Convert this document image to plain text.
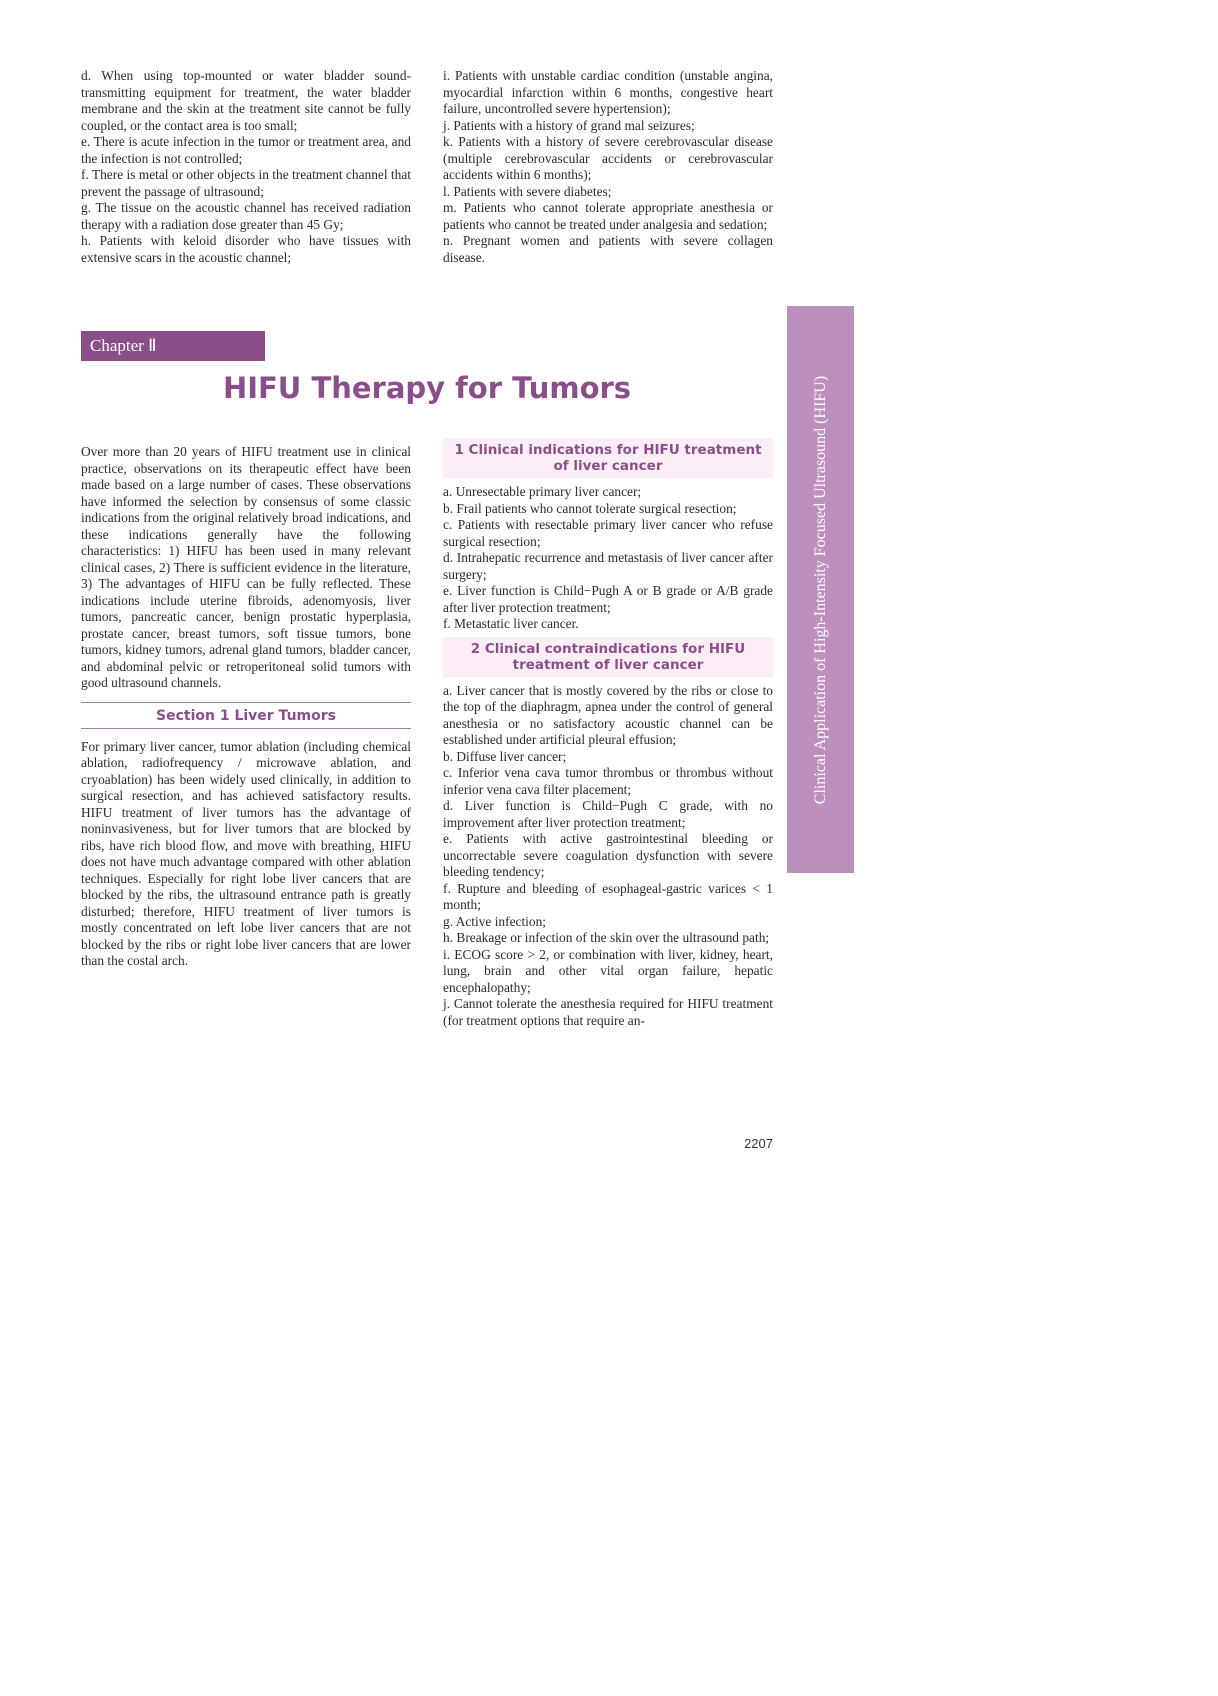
d. When using top-mounted or water bladder sound-transmitting equipment for treatment, the water bladder membrane and the skin at the treatment site cannot be fully coupled, or the contact area is too small;

e. There is acute infection in the tumor or treatment area, and the infection is not controlled;

f. There is metal or other objects in the treatment channel that prevent the passage of ultrasound;

g. The tissue on the acoustic channel has received radiation therapy with a radiation dose greater than 45 Gy;

h. Patients with keloid disorder who have tissues with extensive scars in the acoustic channel;

i. Patients with unstable cardiac condition (unstable angina, myocardial infarction within 6 months, congestive heart failure, uncontrolled severe hypertension);

j. Patients with a history of grand mal seizures;

k. Patients with a history of severe cerebrovascular disease (multiple cerebrovascular accidents or cerebrovascular accidents within 6 months);

l. Patients with severe diabetes;

m. Patients who cannot tolerate appropriate anesthesia or patients who cannot be treated under analgesia and sedation;

n. Pregnant women and patients with severe collagen disease.

Chapter Ⅱ
HIFU Therapy for Tumors	Clinical Application of High-Intensity Focused Ultrasound (HIFU)

Over more than 20 years of HIFU treatment use in clinical practice, observations on its therapeutic effect have been made based on a large number of cases. These observations have informed the selection by consensus of some classic indications from the original relatively broad indications, and these indications generally have the following characteristics: 1) HIFU has been used in many relevant clinical cases, 2) There is sufficient evidence in the literature, 3) The advantages of HIFU can be fully reflected. These indications include uterine fibroids, adenomyosis, liver tumors, pancreatic cancer, benign prostatic hyperplasia, prostate cancer, breast tumors, soft tissue tumors, bone tumors, kidney tumors, adrenal gland tumors, bladder cancer, and abdominal pelvic or retroperitoneal solid tumors with good ultrasound channels.

Section 1 Liver Tumors

For primary liver cancer, tumor ablation (including chemical ablation, radiofrequency / microwave ablation, and cryoablation) has been widely used clinically, in addition to surgical resection, and has achieved satisfactory results. HIFU treatment of liver tumors has the advantage of noninvasiveness, but for liver tumors that are blocked by ribs, have rich blood flow, and move with breathing, HIFU does not have much advantage compared with other ablation techniques. Especially for right lobe liver cancers that are blocked by the ribs, the ultrasound entrance path is greatly disturbed; therefore, HIFU treatment of liver tumors is mostly concentrated on left lobe liver cancers that are not blocked by the ribs or right lobe liver cancers that are lower than the costal arch.

1 Clinical indications for HIFU treatment of liver cancer

a. Unresectable primary liver cancer;

b. Frail patients who cannot tolerate surgical resection;

c. Patients with resectable primary liver cancer who refuse surgical resection;

d. Intrahepatic recurrence and metastasis of liver cancer after surgery;

e. Liver function is Child−Pugh A or B grade or A/B grade after liver protection treatment;

f. Metastatic liver cancer.

2 Clinical contraindications for HIFU treatment of liver cancer

a. Liver cancer that is mostly covered by the ribs or close to the top of the diaphragm, apnea under the control of general anesthesia or no satisfactory acoustic channel can be established under artificial pleural effusion;

b. Diffuse liver cancer;

c. Inferior vena cava tumor thrombus or thrombus without inferior vena cava filter placement;

d. Liver function is Child−Pugh C grade, with no improvement after liver protection treatment;

e. Patients with active gastrointestinal bleeding or uncorrectable severe coagulation dysfunction with severe bleeding tendency;

f. Rupture and bleeding of esophageal-gastric varices < 1 month;

g. Active infection;

h. Breakage or infection of the skin over the ultrasound path;

i. ECOG score > 2, or combination with liver, kidney, heart, lung, brain and other vital organ failure, hepatic encephalopathy;

j. Cannot tolerate the anesthesia required for HIFU treatment (for treatment options that require an-

2207
